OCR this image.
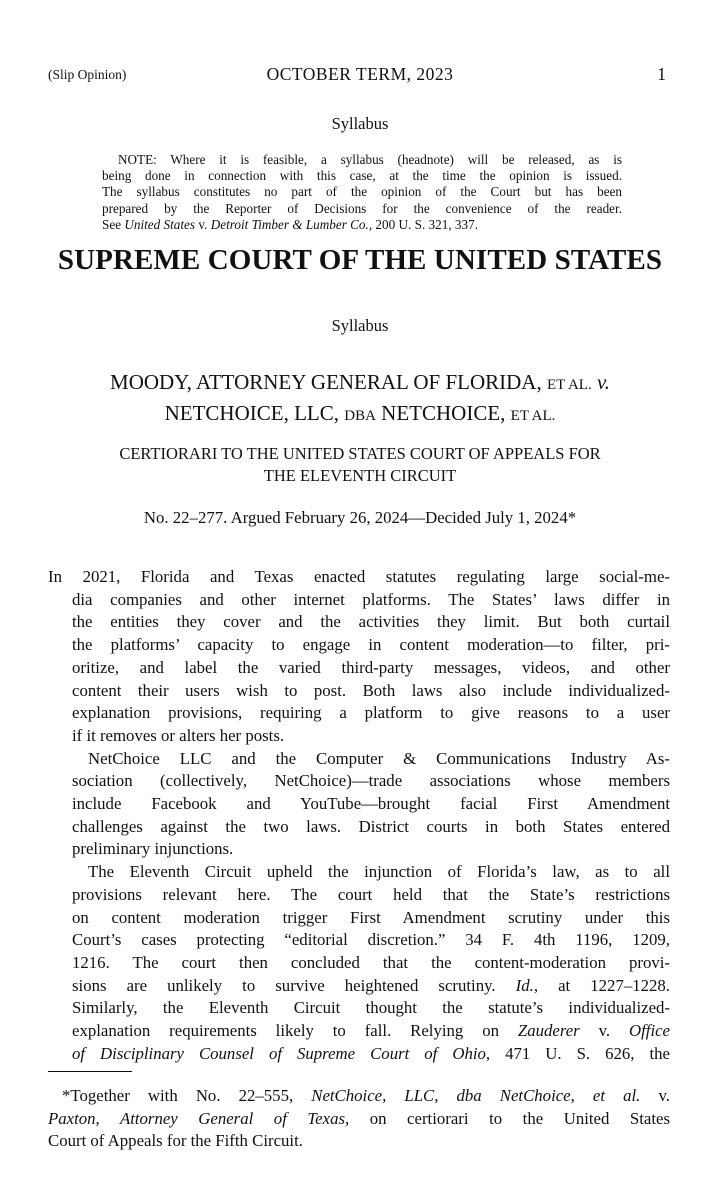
(Slip Opinion)	OCTOBER TERM, 2023	1
Syllabus
NOTE: Where it is feasible, a syllabus (headnote) will be released, as is
being done in connection with this case, at the time the opinion is issued.
The syllabus constitutes no part of the opinion of the Court but has been
prepared by the Reporter of Decisions for the convenience of the reader.
See United States v. Detroit Timber & Lumber Co., 200 U. S. 321, 337.
SUPREME COURT OF THE UNITED STATES
Syllabus
MOODY, ATTORNEY GENERAL OF FLORIDA, ET AL. v.
NETCHOICE, LLC, DBA NETCHOICE, ET AL.
CERTIORARI TO THE UNITED STATES COURT OF APPEALS FOR
THE ELEVENTH CIRCUIT
No. 22–277. Argued February 26, 2024—Decided July 1, 2024*
In 2021, Florida and Texas enacted statutes regulating large social-me-
dia companies and other internet platforms. The States’ laws differ in
the entities they cover and the activities they limit. But both curtail
the platforms’ capacity to engage in content moderation—to filter, pri-
oritize, and label the varied third-party messages, videos, and other
content their users wish to post. Both laws also include individualized-
explanation provisions, requiring a platform to give reasons to a user
if it removes or alters her posts.
NetChoice LLC and the Computer & Communications Industry As-
sociation (collectively, NetChoice)—trade associations whose members
include Facebook and YouTube—brought facial First Amendment
challenges against the two laws. District courts in both States entered
preliminary injunctions.
The Eleventh Circuit upheld the injunction of Florida’s law, as to all
provisions relevant here. The court held that the State’s restrictions
on content moderation trigger First Amendment scrutiny under this
Court’s cases protecting “editorial discretion.” 34 F. 4th 1196, 1209,
1216. The court then concluded that the content-moderation provi-
sions are unlikely to survive heightened scrutiny. Id., at 1227–1228.
Similarly, the Eleventh Circuit thought the statute’s individualized-
explanation requirements likely to fall. Relying on Zauderer v. Office
of Disciplinary Counsel of Supreme Court of Ohio, 471 U. S. 626, the
*Together with No. 22–555, NetChoice, LLC, dba NetChoice, et al. v.
Paxton, Attorney General of Texas, on certiorari to the United States
Court of Appeals for the Fifth Circuit.
